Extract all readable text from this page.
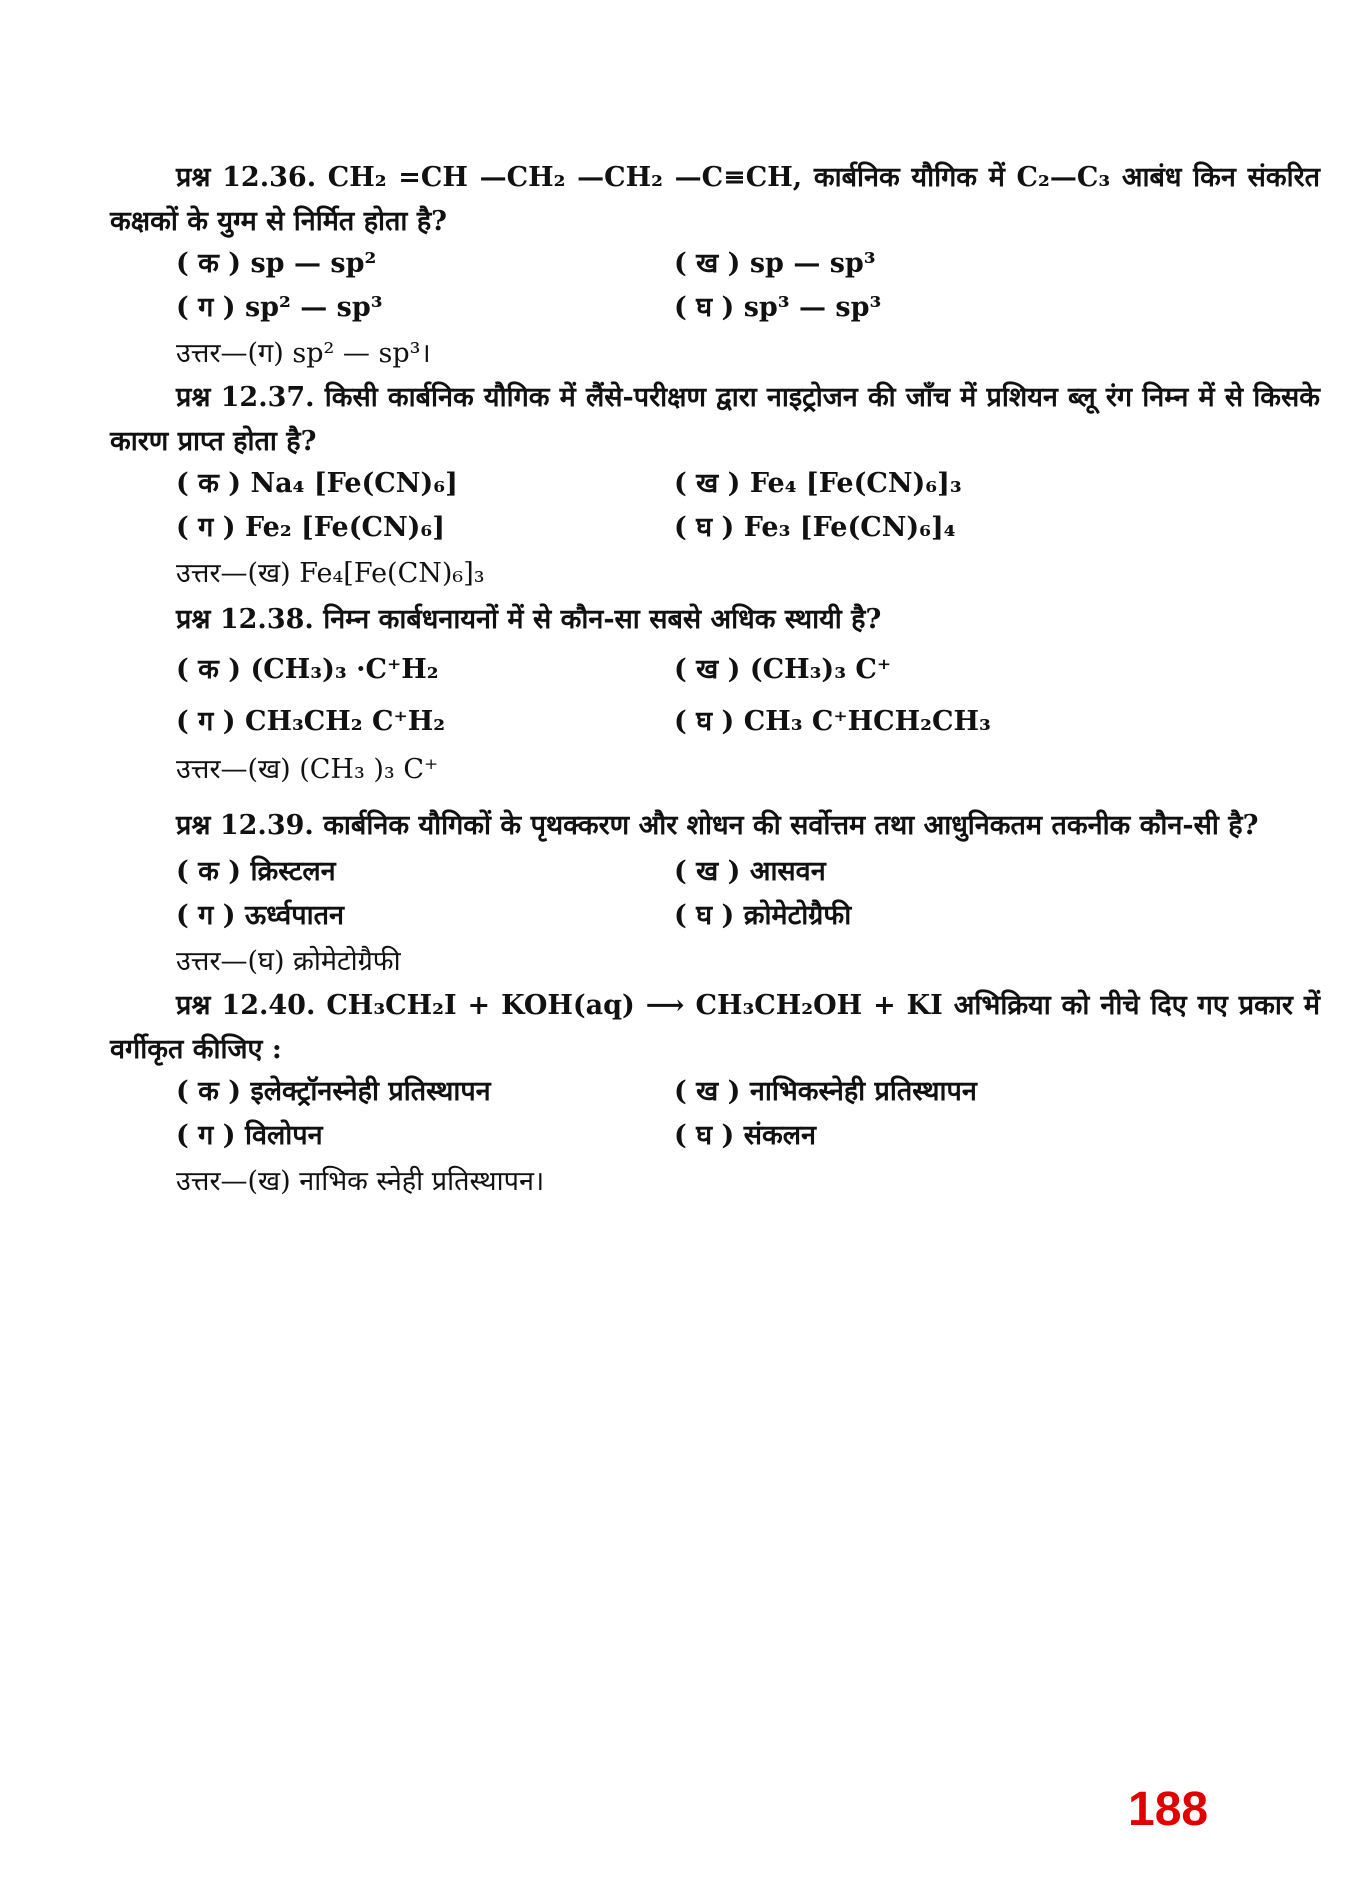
प्रश्न 12.36. CH₂ =CH —CH₂ —CH₂ —C≡CH, कार्बनिक यौगिक में C₂—C₃ आबंध किन संकरित कक्षकों के युग्म से निर्मित होता है?
( क ) sp — sp²	( ख ) sp — sp³
( ग ) sp² — sp³	( घ ) sp³ — sp³
उत्तर—(ग) sp² — sp³।
प्रश्न 12.37. किसी कार्बनिक यौगिक में लैंसे-परीक्षण द्वारा नाइट्रोजन की जाँच में प्रशियन ब्लू रंग निम्न में से किसके कारण प्राप्त होता है?
( क ) Na₄ [Fe(CN)₆]	( ख ) Fe₄ [Fe(CN)₆]₃
( ग ) Fe₂ [Fe(CN)₆]	( घ ) Fe₃ [Fe(CN)₆]₄
उत्तर—(ख) Fe₄[Fe(CN)₆]₃
प्रश्न 12.38. निम्न कार्बधनायनों में से कौन-सा सबसे अधिक स्थायी है?
( क ) (CH₃)₃ ·C⁺H₂	( ख ) (CH₃)₃ C⁺
( ग ) CH₃CH₂ C⁺H₂	( घ ) CH₃ C⁺HCH₂CH₃
उत्तर—(ख) (CH₃ )₃ C⁺
प्रश्न 12.39. कार्बनिक यौगिकों के पृथक्करण और शोधन की सर्वोत्तम तथा आधुनिकतम तकनीक कौन-सी है?
( क ) क्रिस्टलन	( ख ) आसवन
( ग ) ऊर्ध्वपातन	( घ ) क्रोमेटोग्रैफी
उत्तर—(घ) क्रोमेटोग्रैफी
प्रश्न 12.40. CH₃CH₂I + KOH(aq) ⟶ CH₃CH₂OH + KI अभिक्रिया को नीचे दिए गए प्रकार में वर्गीकृत कीजिए :
( क ) इलेक्ट्रॉनस्नेही प्रतिस्थापन	( ख ) नाभिकस्नेही प्रतिस्थापन
( ग ) विलोपन	( घ ) संकलन
उत्तर—(ख) नाभिक स्नेही प्रतिस्थापन।
188
